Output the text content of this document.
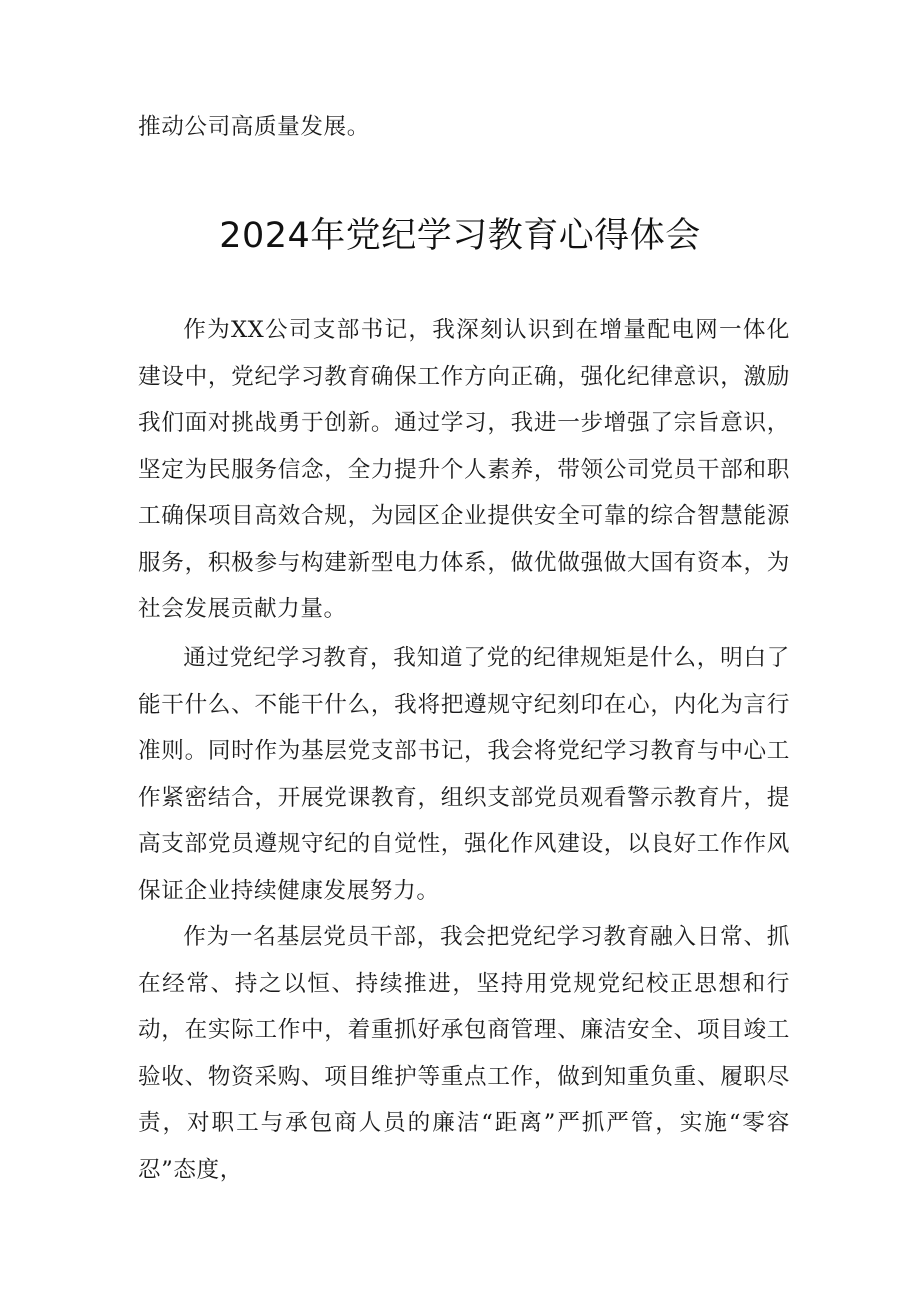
推动公司高质量发展。

2024年党纪学习教育心得体会

作为XX公司支部书记，我深刻认识到在增量配电网一体化建设中，党纪学习教育确保工作方向正确，强化纪律意识，激励我们面对挑战勇于创新。通过学习，我进一步增强了宗旨意识，坚定为民服务信念，全力提升个人素养，带领公司党员干部和职工确保项目高效合规，为园区企业提供安全可靠的综合智慧能源服务，积极参与构建新型电力体系，做优做强做大国有资本，为社会发展贡献力量。

通过党纪学习教育，我知道了党的纪律规矩是什么，明白了能干什么、不能干什么，我将把遵规守纪刻印在心，内化为言行准则。同时作为基层党支部书记，我会将党纪学习教育与中心工作紧密结合，开展党课教育，组织支部党员观看警示教育片，提高支部党员遵规守纪的自觉性，强化作风建设，以良好工作作风保证企业持续健康发展努力。

作为一名基层党员干部，我会把党纪学习教育融入日常、抓在经常、持之以恒、持续推进，坚持用党规党纪校正思想和行动，在实际工作中，着重抓好承包商管理、廉洁安全、项目竣工验收、物资采购、项目维护等重点工作，做到知重负重、履职尽责，对职工与承包商人员的廉洁“距离”严抓严管，实施“零容忍”态度，
